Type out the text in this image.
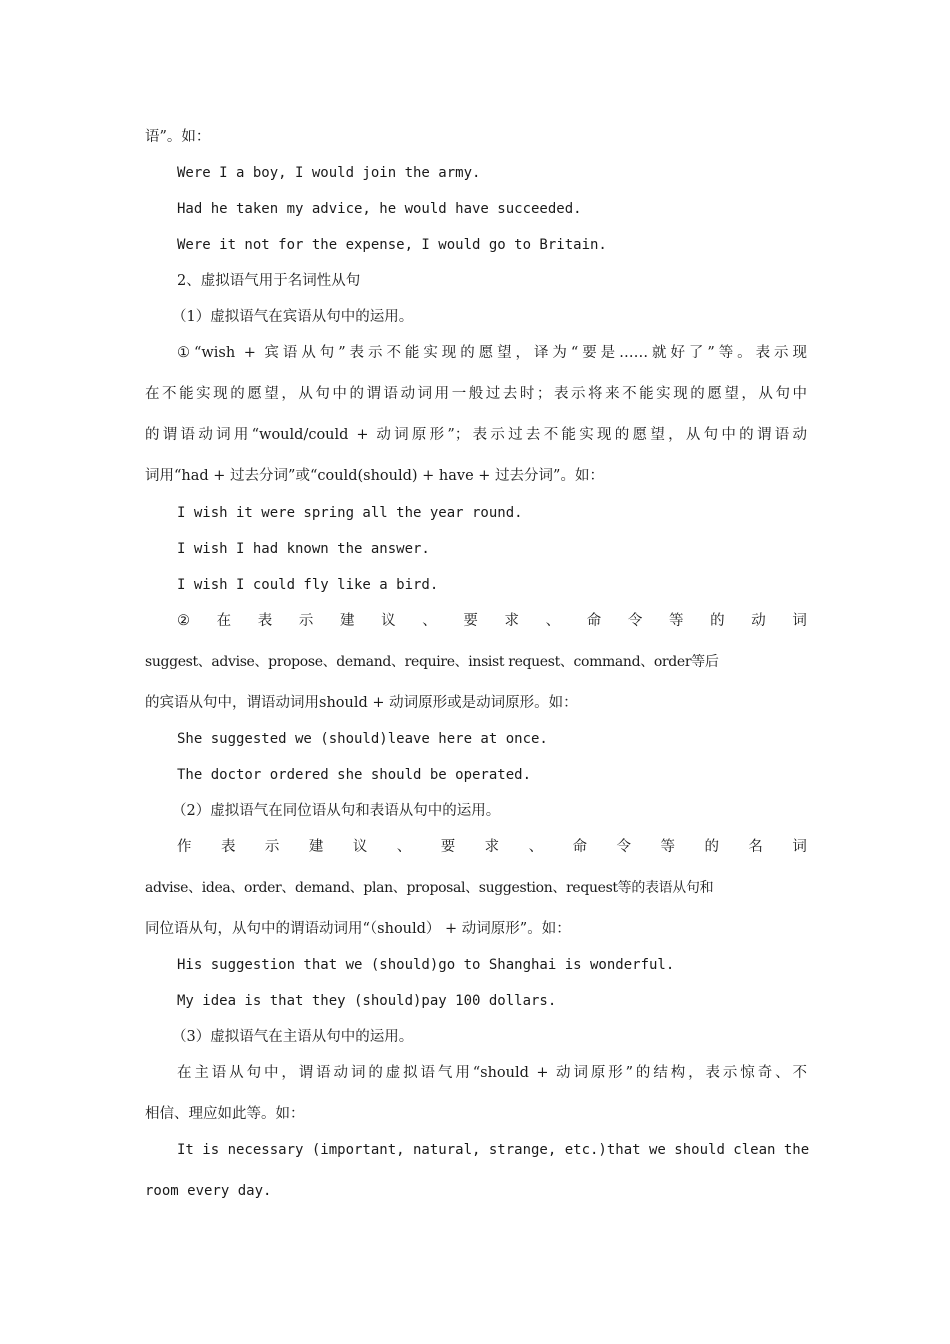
语”。如：
Were I a boy, I would join the army.
Had he taken my advice, he would have succeeded.
Were it not for the expense, I would go to Britain.
2、虚拟语气用于名词性从句
（1）虚拟语气在宾语从句中的运用。
①“wish + 宾语从句”表示不能实现的愿望，译为“要是……就好了”等。表示现
在不能实现的愿望，从句中的谓语动词用一般过去时；表示将来不能实现的愿望，从句中
的谓语动词用“would/could + 动词原形”；表示过去不能实现的愿望，从句中的谓语动
词用“had + 过去分词”或“could(should) + have + 过去分词”。如：
I wish it were spring all the year round.
I wish I had known the answer.
I wish I could fly like a bird.
② 在 表 示 建 议 、 要 求 、 命 令 等 的 动 词
suggest、advise、propose、demand、require、insist request、command、order等后
的宾语从句中，谓语动词用should + 动词原形或是动词原形。如：
She suggested we (should)leave here at once.
The doctor ordered she should be operated.
（2）虚拟语气在同位语从句和表语从句中的运用。
作 表 示 建 议 、 要 求 、 命 令 等 的 名 词
advise、idea、order、demand、plan、proposal、suggestion、request等的表语从句和
同位语从句，从句中的谓语动词用“（should） + 动词原形”。如：
His suggestion that we (should)go to Shanghai is wonderful.
My idea is that they (should)pay 100 dollars.
（3）虚拟语气在主语从句中的运用。
在主语从句中，谓语动词的虚拟语气用“should + 动词原形”的结构，表示惊奇、不
相信、理应如此等。如：
It is necessary (important, natural, strange, etc.)that we should clean the
room every day.
